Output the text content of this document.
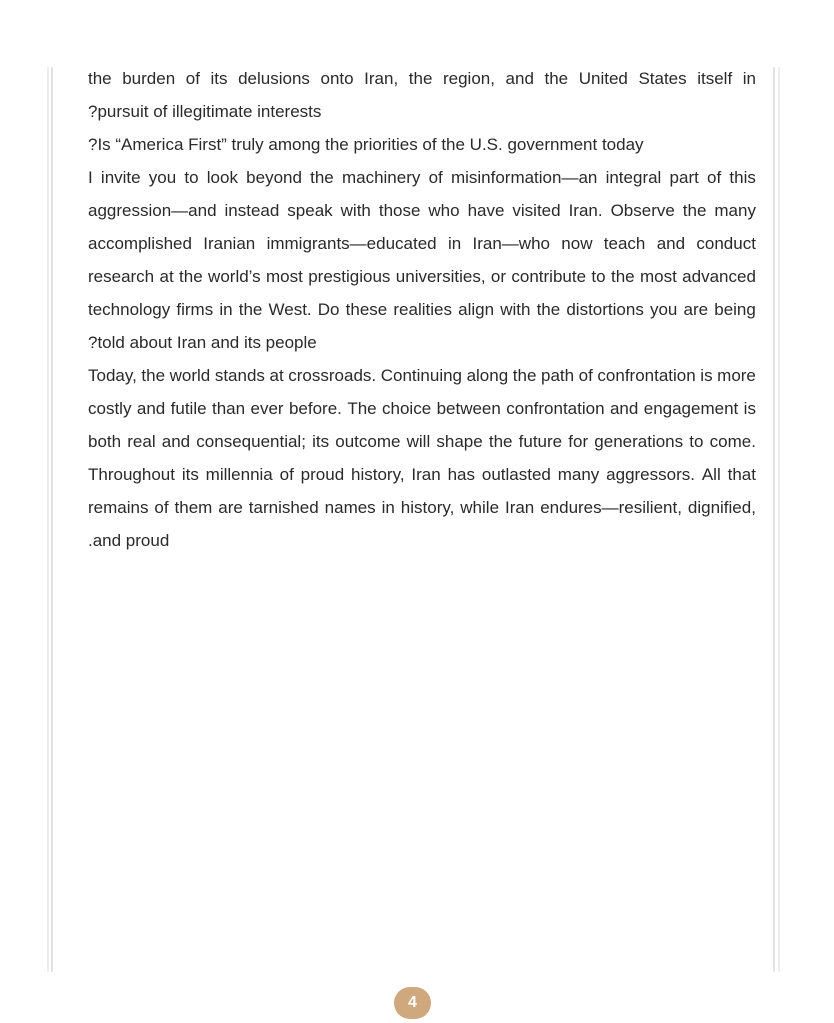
the burden of its delusions onto Iran, the region, and the United States itself in
?pursuit of illegitimate interests
?Is “America First” truly among the priorities of the U.S. government today
I invite you to look beyond the machinery of misinformation—an integral part of this
aggression—and instead speak with those who have visited Iran. Observe the many
accomplished Iranian immigrants—educated in Iran—who now teach and conduct
research at the world’s most prestigious universities, or contribute to the most advanced
technology firms in the West. Do these realities align with the distortions you are being
?told about Iran and its people
Today, the world stands at crossroads. Continuing along the path of confrontation is more
costly and futile than ever before. The choice between confrontation and engagement is
both real and consequential; its outcome will shape the future for generations to come.
Throughout its millennia of proud history, Iran has outlasted many aggressors. All that
remains of them are tarnished names in history, while Iran endures—resilient, dignified,
.and proud
4
